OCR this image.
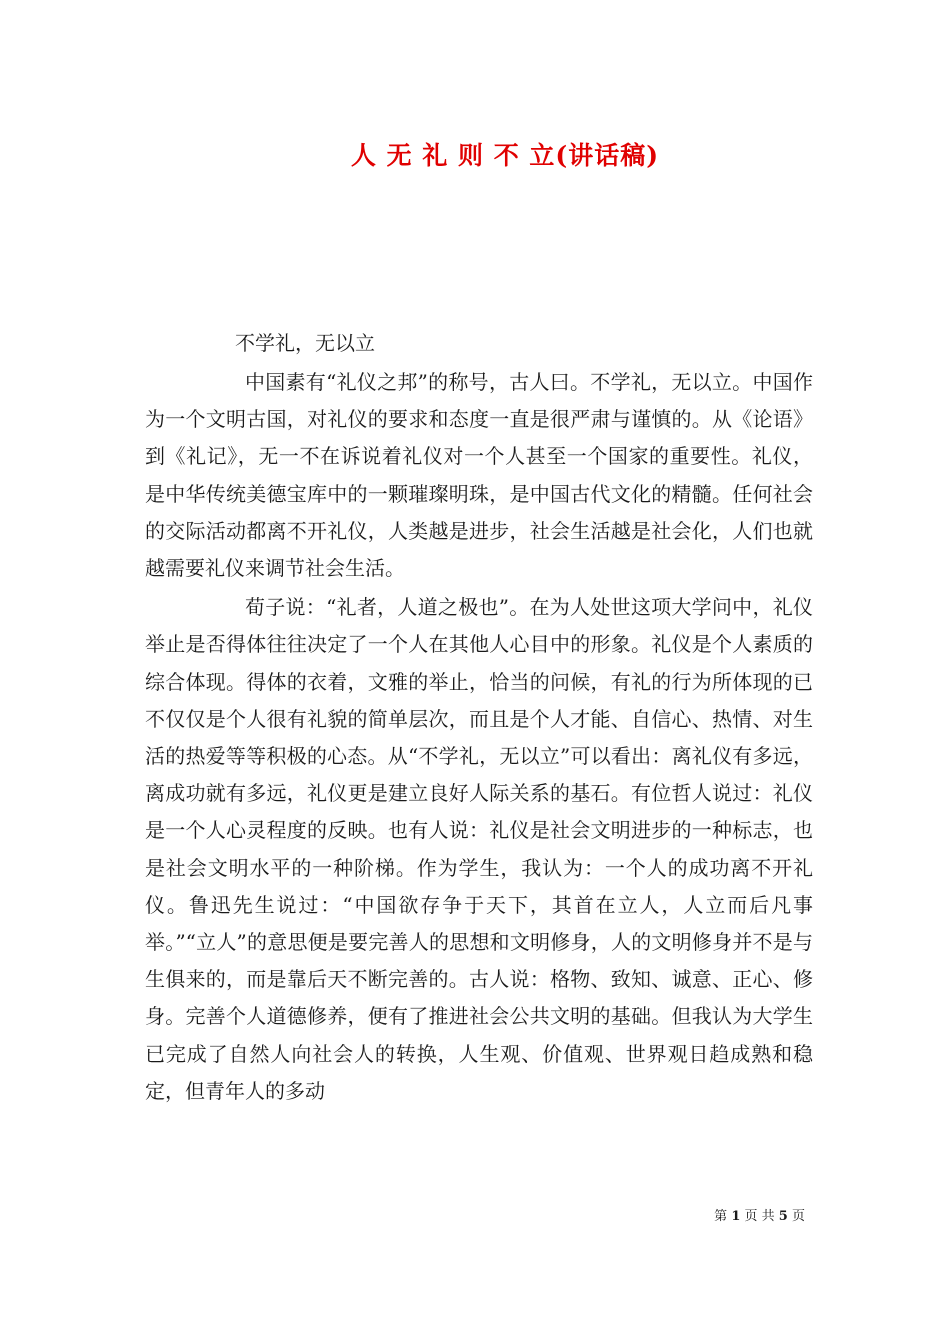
人 无 礼 则 不 立(讲话稿)

不学礼，无以立

中国素有“礼仪之邦”的称号，古人曰。不学礼，无以立。中国作为一个文明古国，对礼仪的要求和态度一直是很严肃与谨慎的。从《论语》到《礼记》，无一不在诉说着礼仪对一个人甚至一个国家的重要性。礼仪，是中华传统美德宝库中的一颗璀璨明珠，是中国古代文化的精髓。任何社会的交际活动都离不开礼仪，人类越是进步，社会生活越是社会化，人们也就越需要礼仪来调节社会生活。

荀子说：“礼者，人道之极也”。在为人处世这项大学问中，礼仪举止是否得体往往决定了一个人在其他人心目中的形象。礼仪是个人素质的综合体现。得体的衣着，文雅的举止，恰当的问候，有礼的行为所体现的已不仅仅是个人很有礼貌的简单层次，而且是个人才能、自信心、热情、对生活的热爱等等积极的心态。从“不学礼，无以立”可以看出：离礼仪有多远，离成功就有多远，礼仪更是建立良好人际关系的基石。有位哲人说过：礼仪是一个人心灵程度的反映。也有人说：礼仪是社会文明进步的一种标志，也是社会文明水平的一种阶梯。作为学生，我认为：一个人的成功离不开礼仪。鲁迅先生说过：“中国欲存争于天下，其首在立人，人立而后凡事举。”“立人”的意思便是要完善人的思想和文明修身，人的文明修身并不是与生俱来的，而是靠后天不断完善的。古人说：格物、致知、诚意、正心、修身。完善个人道德修养，便有了推进社会公共文明的基础。但我认为大学生已完成了自然人向社会人的转换，人生观、价值观、世界观日趋成熟和稳定，但青年人的多动

第 1 页 共 5 页
